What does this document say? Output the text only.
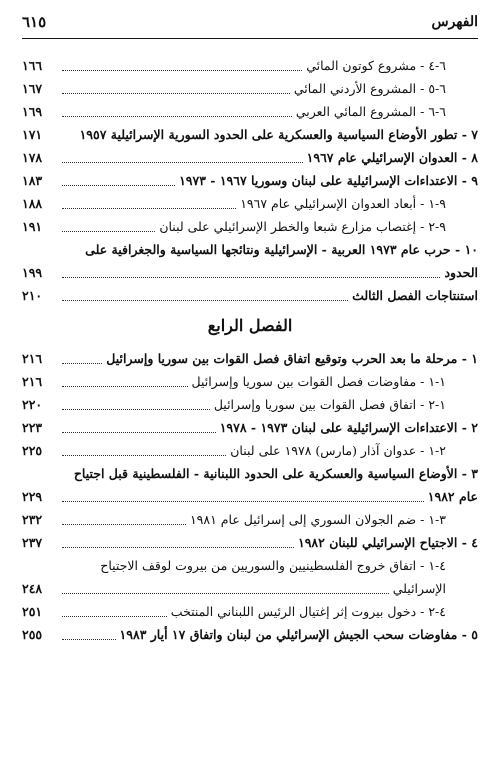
الفهرس
٦١٥
٦-٤ - مشروع كوتون المائي
١٦٦
٦-٥ - المشروع الأردني المائي
١٦٧
٦-٦ - المشروع المائي العربي
١٦٩
٧ - تطور الأوضاع السياسية والعسكرية على الحدود السورية الإسرائيلية ١٩٥٧
١٧١
٨ - العدوان الإسرائيلي عام ١٩٦٧
١٧٨
٩ - الاعتداءات الإسرائيلية على لبنان وسوريا ١٩٦٧ - ١٩٧٣
١٨٣
٩-١ - أبعاد العدوان الإسرائيلي عام ١٩٦٧
١٨٨
٩-٢ - إغتصاب مزارع شبعا والخطر الإسرائيلي على لبنان
١٩١
١٠ - حرب عام ١٩٧٣ العربية - الإسرائيلية ونتائجها السياسية والجغرافية على
الحدود
١٩٩
استنتاجات الفصل الثالث
٢١٠
الفصل الرابع
١ - مرحلة ما بعد الحرب وتوقيع اتفاق فصل القوات بين سوريا وإسرائيل
٢١٦
١-١ - مفاوضات فصل القوات بين سوريا وإسرائيل
٢١٦
١-٢ - اتفاق فصل القوات بين سوريا وإسرائيل
٢٢٠
٢ - الاعتداءات الإسرائيلية على لبنان ١٩٧٣ - ١٩٧٨
٢٢٣
٢-١ - عدوان آذار (مارس) ١٩٧٨ على لبنان
٢٢٥
٣ - الأوضاع السياسية والعسكرية على الحدود اللبنانية - الفلسطينية قبل اجتياح
عام ١٩٨٢
٢٢٩
٣-١ - ضم الجولان السوري إلى إسرائيل عام ١٩٨١
٢٣٢
٤ - الاجتياح الإسرائيلي للبنان ١٩٨٢
٢٣٧
٤-١ - اتفاق خروج الفلسطينيين والسوريين من بيروت لوقف الاجتياح
الإسرائيلي
٢٤٨
٤-٢ - دخول بيروت إثر إغتيال الرئيس اللبناني المنتخب
٢٥١
٥ - مفاوضات سحب الجيش الإسرائيلي من لبنان واتفاق ١٧ أيار ١٩٨٣
٢٥٥
